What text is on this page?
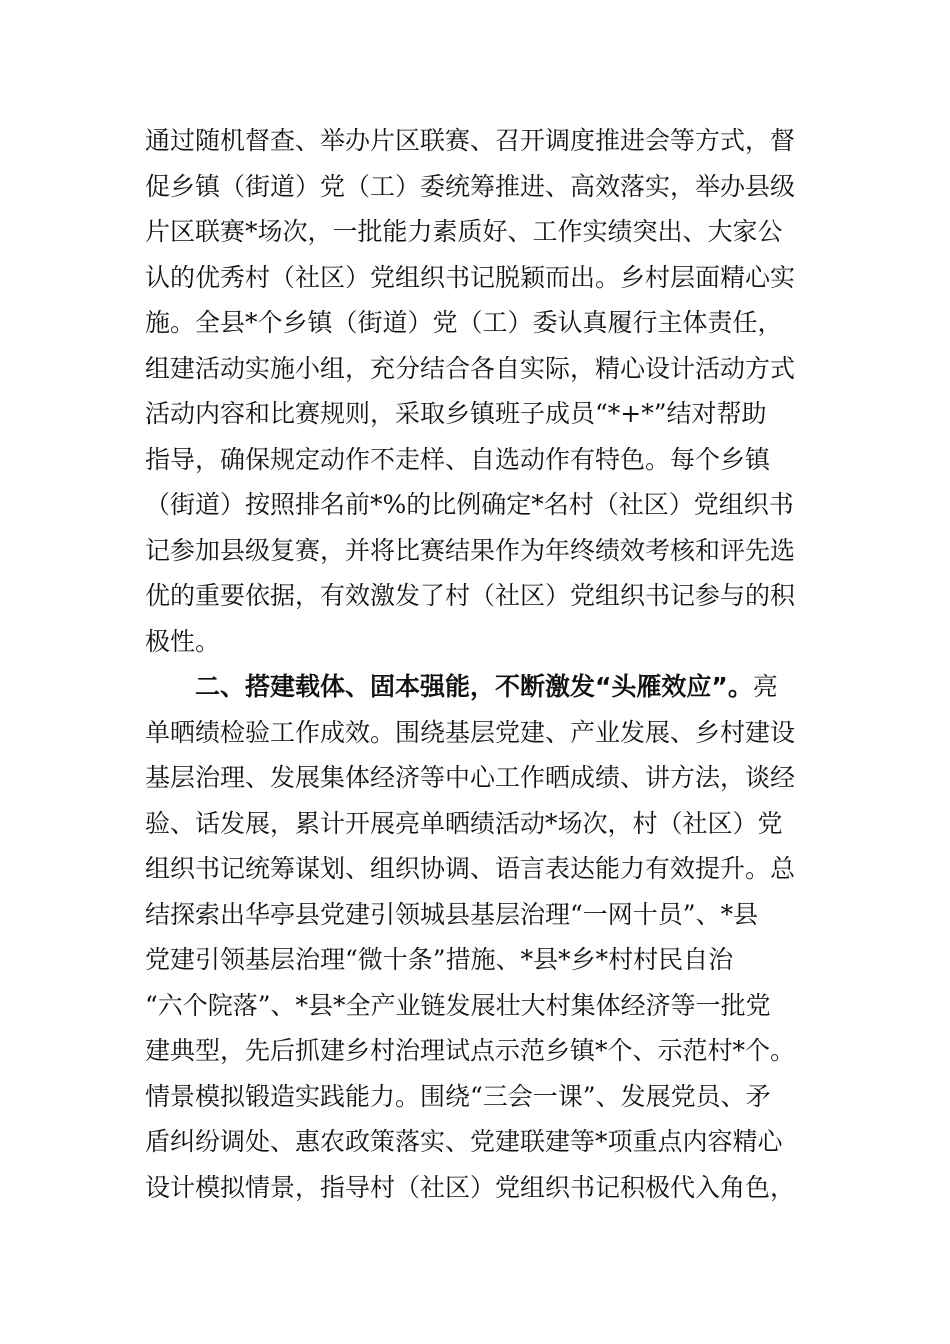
通过随机督查、举办片区联赛、召开调度推进会等方式，督
促乡镇（街道）党（工）委统筹推进、高效落实，举办县级
片区联赛*场次，一批能力素质好、工作实绩突出、大家公
认的优秀村（社区）党组织书记脱颖而出。乡村层面精心实
施。全县*个乡镇（街道）党（工）委认真履行主体责任，
组建活动实施小组，充分结合各自实际，精心设计活动方式
活动内容和比赛规则，采取乡镇班子成员“*+*”结对帮助
指导，确保规定动作不走样、自选动作有特色。每个乡镇
（街道）按照排名前*%的比例确定*名村（社区）党组织书
记参加县级复赛，并将比赛结果作为年终绩效考核和评先选
优的重要依据，有效激发了村（社区）党组织书记参与的积
极性。
二、搭建载体、固本强能，不断激发“头雁效应”。亮
单晒绩检验工作成效。围绕基层党建、产业发展、乡村建设
基层治理、发展集体经济等中心工作晒成绩、讲方法，谈经
验、话发展，累计开展亮单晒绩活动*场次，村（社区）党
组织书记统筹谋划、组织协调、语言表达能力有效提升。总
结探索出华亭县党建引领城县基层治理“一网十员”、*县
党建引领基层治理“微十条”措施、*县*乡*村村民自治
“六个院落”、*县*全产业链发展壮大村集体经济等一批党
建典型，先后抓建乡村治理试点示范乡镇*个、示范村*个。
情景模拟锻造实践能力。围绕“三会一课”、发展党员、矛
盾纠纷调处、惠农政策落实、党建联建等*项重点内容精心
设计模拟情景，指导村（社区）党组织书记积极代入角色，
